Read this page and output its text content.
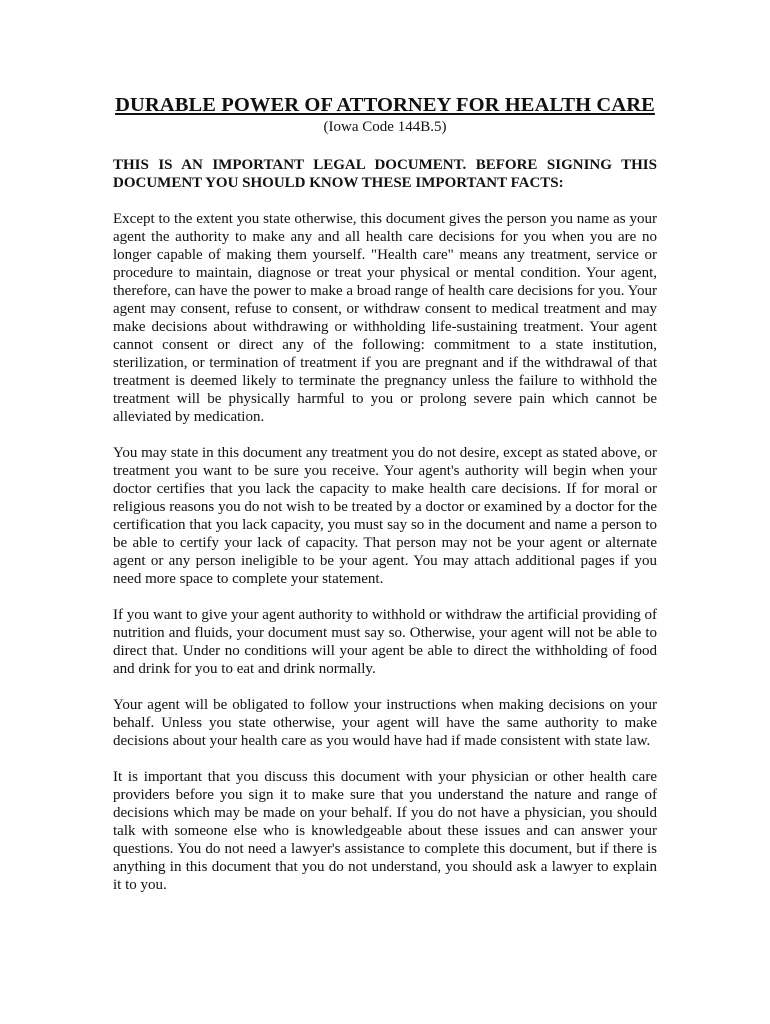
DURABLE POWER OF ATTORNEY FOR HEALTH CARE

(Iowa Code 144B.5)

THIS IS AN IMPORTANT LEGAL DOCUMENT. BEFORE SIGNING THIS DOCUMENT YOU SHOULD KNOW THESE IMPORTANT FACTS:

Except to the extent you state otherwise, this document gives the person you name as your agent the authority to make any and all health care decisions for you when you are no longer capable of making them yourself. "Health care" means any treatment, service or procedure to maintain, diagnose or treat your physical or mental condition. Your agent, therefore, can have the power to make a broad range of health care decisions for you. Your agent may consent, refuse to consent, or withdraw consent to medical treatment and may make decisions about withdrawing or withholding life-sustaining treatment. Your agent cannot consent or direct any of the following: commitment to a state institution, sterilization, or termination of treatment if you are pregnant and if the withdrawal of that treatment is deemed likely to terminate the pregnancy unless the failure to withhold the treatment will be physically harmful to you or prolong severe pain which cannot be alleviated by medication.

You may state in this document any treatment you do not desire, except as stated above, or treatment you want to be sure you receive. Your agent's authority will begin when your doctor certifies that you lack the capacity to make health care decisions. If for moral or religious reasons you do not wish to be treated by a doctor or examined by a doctor for the certification that you lack capacity, you must say so in the document and name a person to be able to certify your lack of capacity. That person may not be your agent or alternate agent or any person ineligible to be your agent. You may attach additional pages if you need more space to complete your statement.

If you want to give your agent authority to withhold or withdraw the artificial providing of nutrition and fluids, your document must say so. Otherwise, your agent will not be able to direct that. Under no conditions will your agent be able to direct the withholding of food and drink for you to eat and drink normally.

Your agent will be obligated to follow your instructions when making decisions on your behalf. Unless you state otherwise, your agent will have the same authority to make decisions about your health care as you would have had if made consistent with state law.

It is important that you discuss this document with your physician or other health care providers before you sign it to make sure that you understand the nature and range of decisions which may be made on your behalf. If you do not have a physician, you should talk with someone else who is knowledgeable about these issues and can answer your questions. You do not need a lawyer's assistance to complete this document, but if there is anything in this document that you do not understand, you should ask a lawyer to explain it to you.
